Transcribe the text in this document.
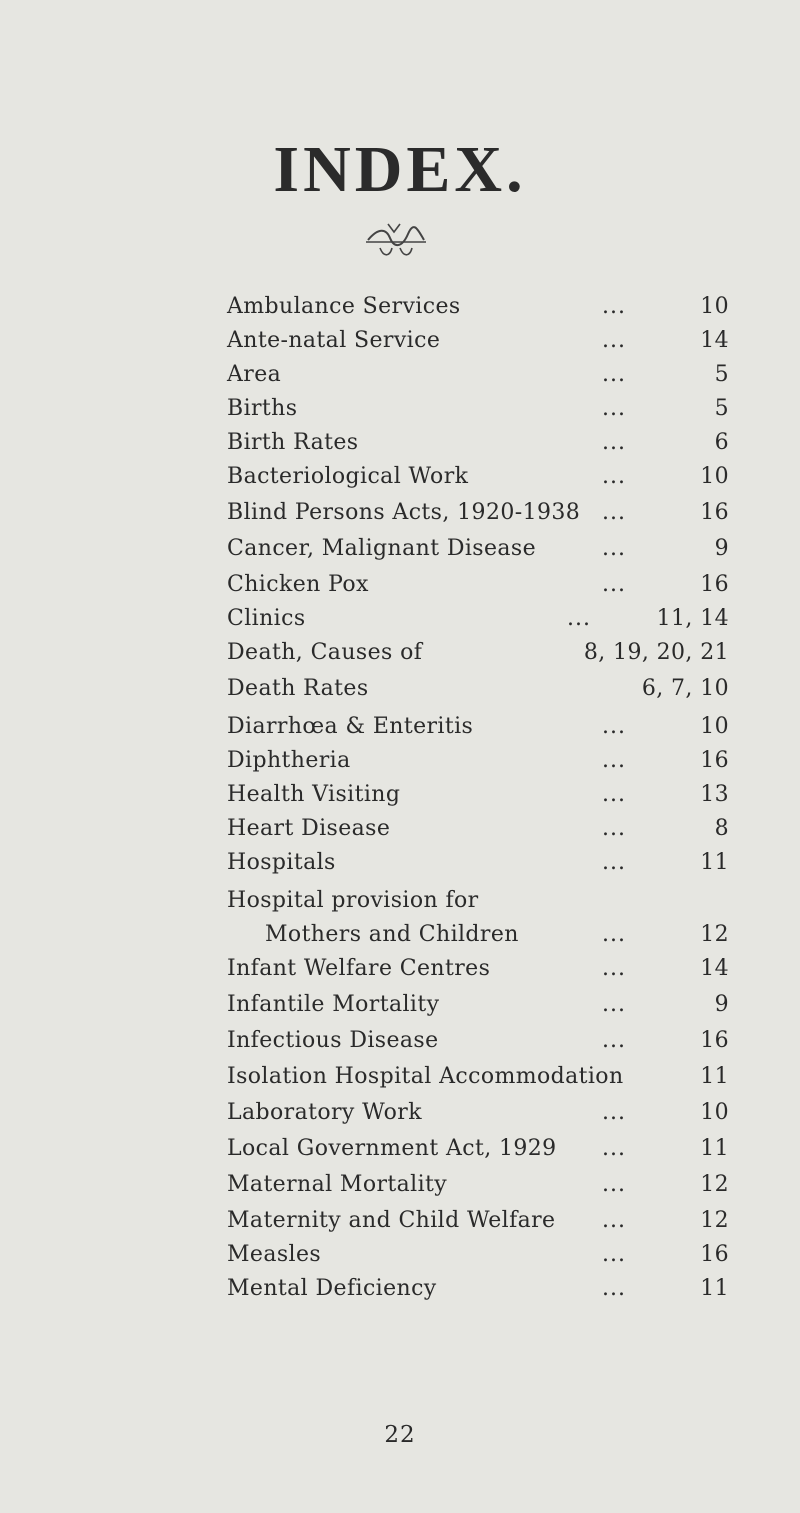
INDEX.
Ambulance Services	...	10
Ante-natal Service	...	14
Area	...	5
Births	...	5
Birth Rates	...	6
Bacteriological Work	...	10
Blind Persons Acts, 1920-1938 ...	16
Cancer, Malignant Disease	...	9
Chicken Pox	...	16
Clinics	...	11, 14
Death, Causes of	8, 19, 20, 21
Death Rates	6, 7, 10
Diarrhœa & Enteritis	...	10
Diphtheria	...	16
Health Visiting	...	13
Heart Disease	...	8
Hospitals	...	11
Hospital provision for
Mothers and Children	...	12
Infant Welfare Centres	...	14
Infantile Mortality	...	9
Infectious Disease	...	16
Isolation Hospital Accommodation	11
Laboratory Work	...	10
Local Government Act, 1929 ...	11
Maternal Mortality	...	12
Maternity and Child Welfare ...	12
Measles	...	16
Mental Deficiency	...	11
22
